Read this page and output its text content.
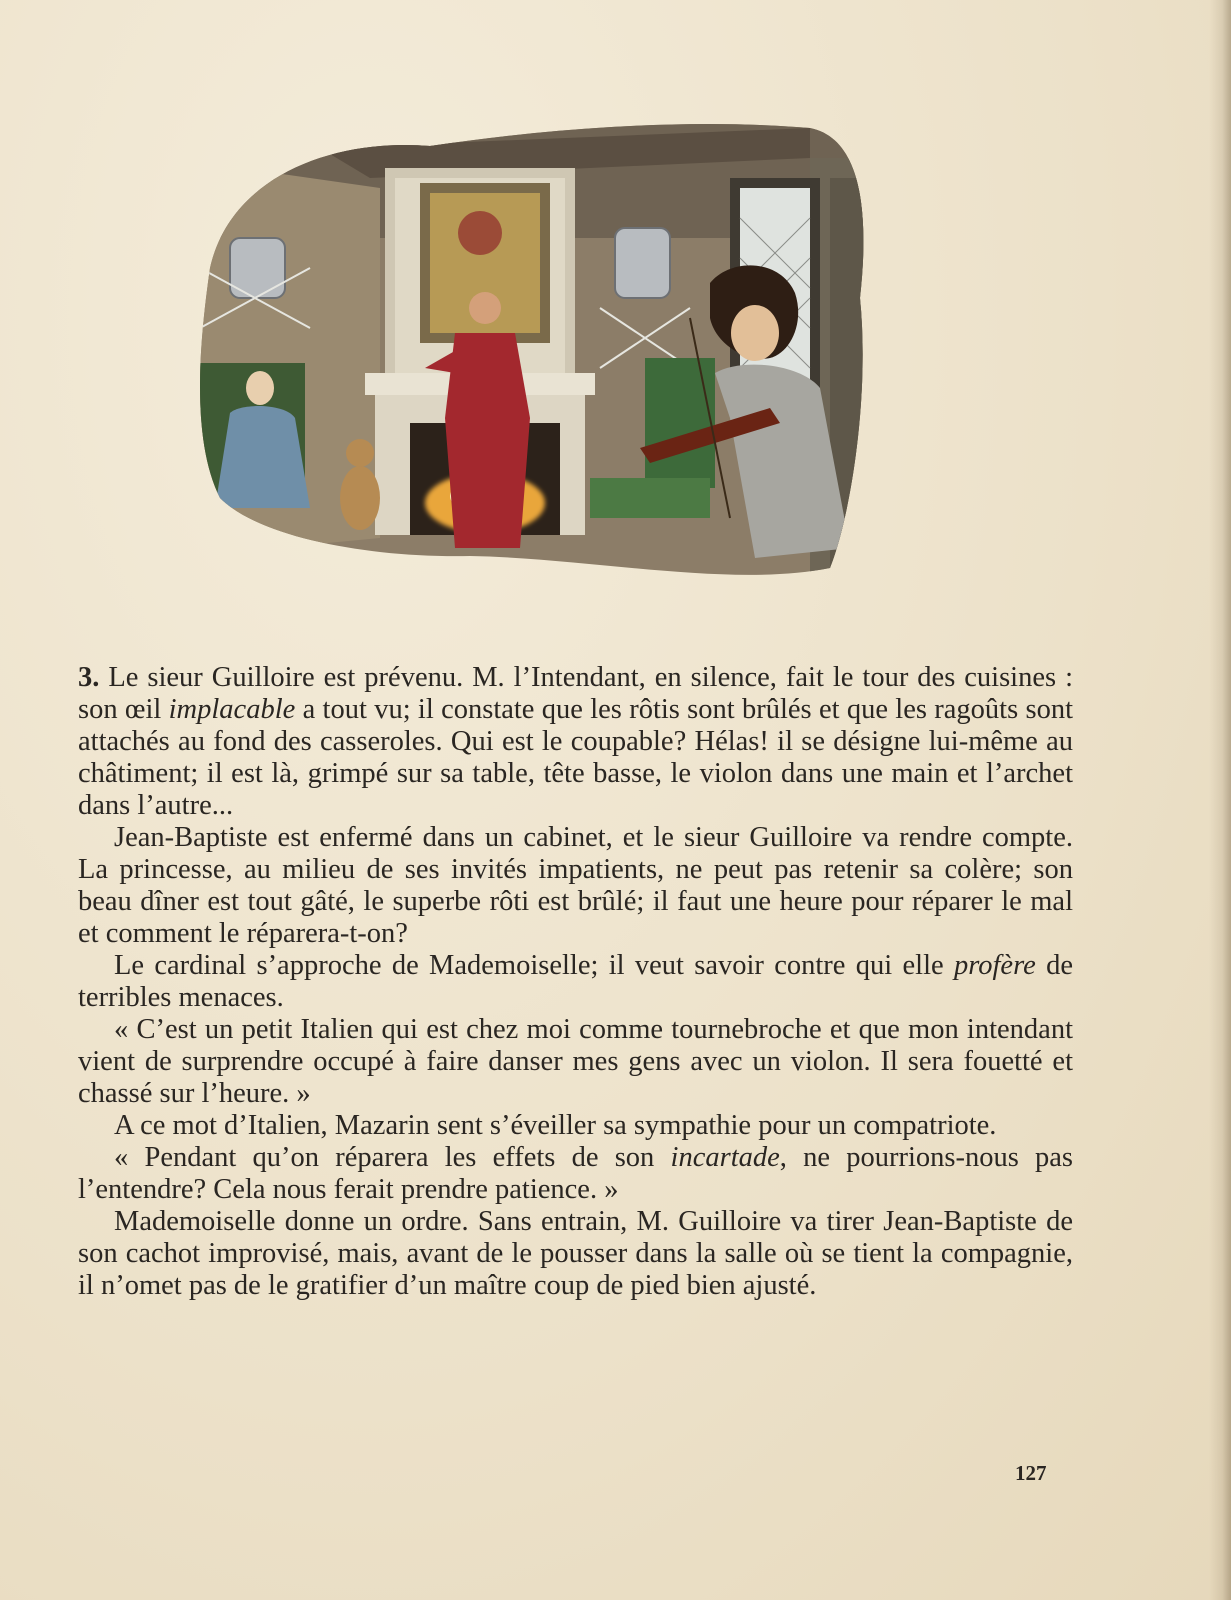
3. Le sieur Guilloire est prévenu. M. l’Intendant, en silence, fait le tour des cuisines : son œil implacable a tout vu; il constate que les rôtis sont brûlés et que les ragoûts sont attachés au fond des casseroles. Qui est le coupable? Hélas! il se désigne lui-même au châtiment; il est là, grimpé sur sa table, tête basse, le violon dans une main et l’archet dans l’autre...

Jean-Baptiste est enfermé dans un cabinet, et le sieur Guilloire va rendre compte. La princesse, au milieu de ses invités impatients, ne peut pas retenir sa colère; son beau dîner est tout gâté, le superbe rôti est brûlé; il faut une heure pour réparer le mal et comment le réparera-t-on?

Le cardinal s’approche de Mademoiselle; il veut savoir contre qui elle profère de terribles menaces.

« C’est un petit Italien qui est chez moi comme tournebroche et que mon intendant vient de surprendre occupé à faire danser mes gens avec un violon. Il sera fouetté et chassé sur l’heure. »

A ce mot d’Italien, Mazarin sent s’éveiller sa sympathie pour un compatriote.

« Pendant qu’on réparera les effets de son incartade, ne pourrions-nous pas l’entendre? Cela nous ferait prendre patience. »

Mademoiselle donne un ordre. Sans entrain, M. Guilloire va tirer Jean-Baptiste de son cachot improvisé, mais, avant de le pousser dans la salle où se tient la compagnie, il n’omet pas de le gratifier d’un maître coup de pied bien ajusté.

127
